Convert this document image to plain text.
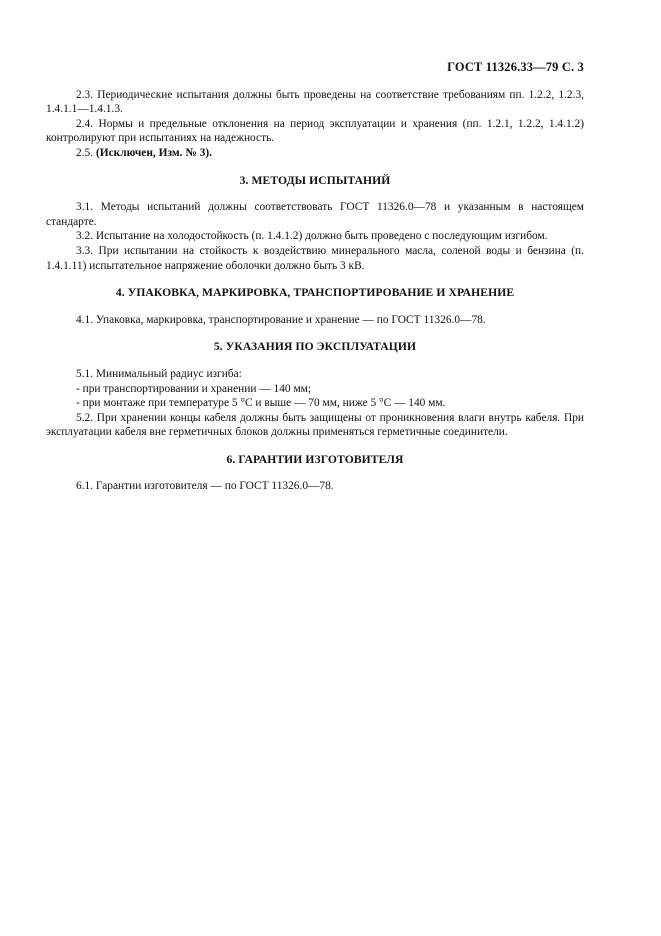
ГОСТ 11326.33—79 С. 3

2.3. Периодические испытания должны быть проведены на соответствие требованиям пп. 1.2.2, 1.2.3, 1.4.1.1—1.4.1.3.

2.4. Нормы и предельные отклонения на период эксплуатации и хранения (пп. 1.2.1, 1.2.2, 1.4.1.2) контролируют при испытаниях на надежность.

2.5. (Исключен, Изм. № 3).

3. МЕТОДЫ ИСПЫТАНИЙ

3.1. Методы испытаний должны соответствовать ГОСТ 11326.0—78 и указанным в настоящем стандарте.

3.2. Испытание на холодостойкость (п. 1.4.1.2) должно быть проведено с последующим изгибом.

3.3. При испытании на стойкость к воздействию минерального масла, соленой воды и бензина (п. 1.4.1.11) испытательное напряжение оболочки должно быть 3 кВ.

4. УПАКОВКА, МАРКИРОВКА, ТРАНСПОРТИРОВАНИЕ И ХРАНЕНИЕ

4.1. Упаковка, маркировка, транспортирование и хранение — по ГОСТ 11326.0—78.

5. УКАЗАНИЯ ПО ЭКСПЛУАТАЦИИ

5.1. Минимальный радиус изгиба:

- при транспортировании и хранении — 140 мм;

- при монтаже при температуре 5 °С и выше — 70 мм, ниже 5 °С — 140 мм.

5.2. При хранении концы кабеля должны быть защищены от проникновения влаги внутрь кабеля. При эксплуатации кабеля вне герметичных блоков должны применяться герметичные соединители.

6. ГАРАНТИИ ИЗГОТОВИТЕЛЯ

6.1. Гарантии изготовителя — по ГОСТ 11326.0—78.
